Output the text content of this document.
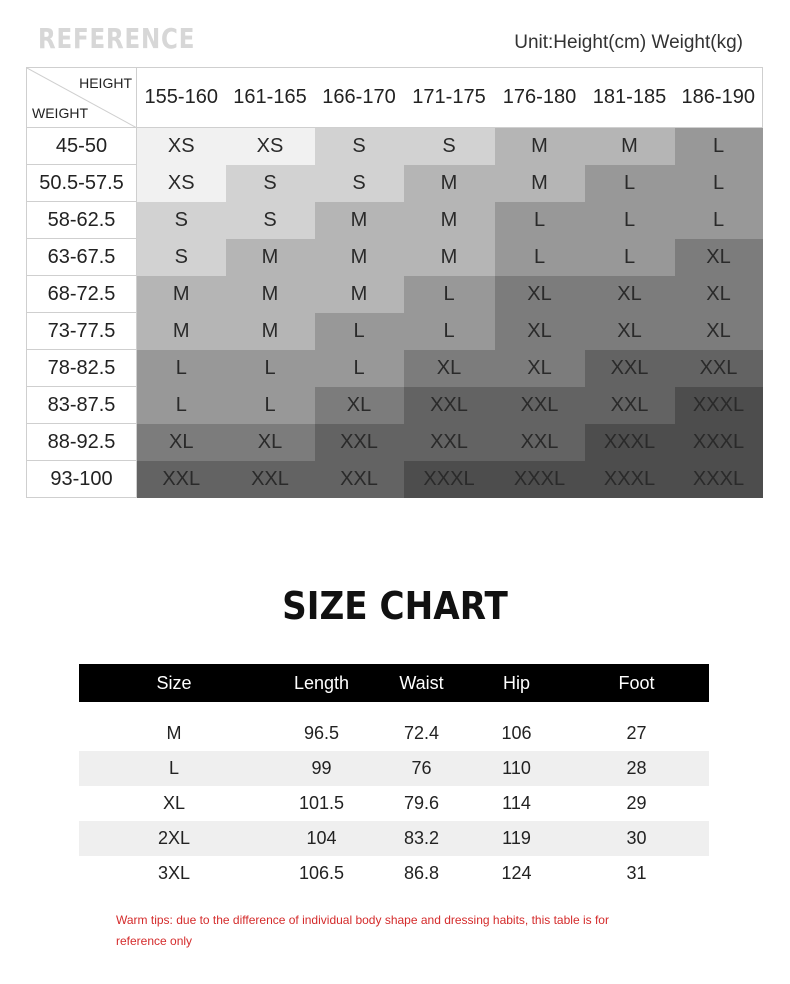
REFERENCE	Unit:Height(cm) Weight(kg)
HEIGHT
WEIGHT	155-160	161-165	166-170	171-175	176-180	181-185	186-190
45-50	XS	XS	S	S	M	M	L
50.5-57.5	XS	S	S	M	M	L	L
58-62.5	S	S	M	M	L	L	L
63-67.5	S	M	M	M	L	L	XL
68-72.5	M	M	M	L	XL	XL	XL
73-77.5	M	M	L	L	XL	XL	XL
78-82.5	L	L	L	XL	XL	XXL	XXL
83-87.5	L	L	XL	XXL	XXL	XXL	XXXL
88-92.5	XL	XL	XXL	XXL	XXL	XXXL	XXXL
93-100	XXL	XXL	XXL	XXXL	XXXL	XXXL	XXXL
SIZE CHART
Size	Length	Waist	Hip	Foot

M	96.5	72.4	106	27
L	99	76	110	28
XL	101.5	79.6	114	29
2XL	104	83.2	119	30
3XL	106.5	86.8	124	31
Warm tips: due to the difference of individual body shape and dressing habits, this table is for reference only
